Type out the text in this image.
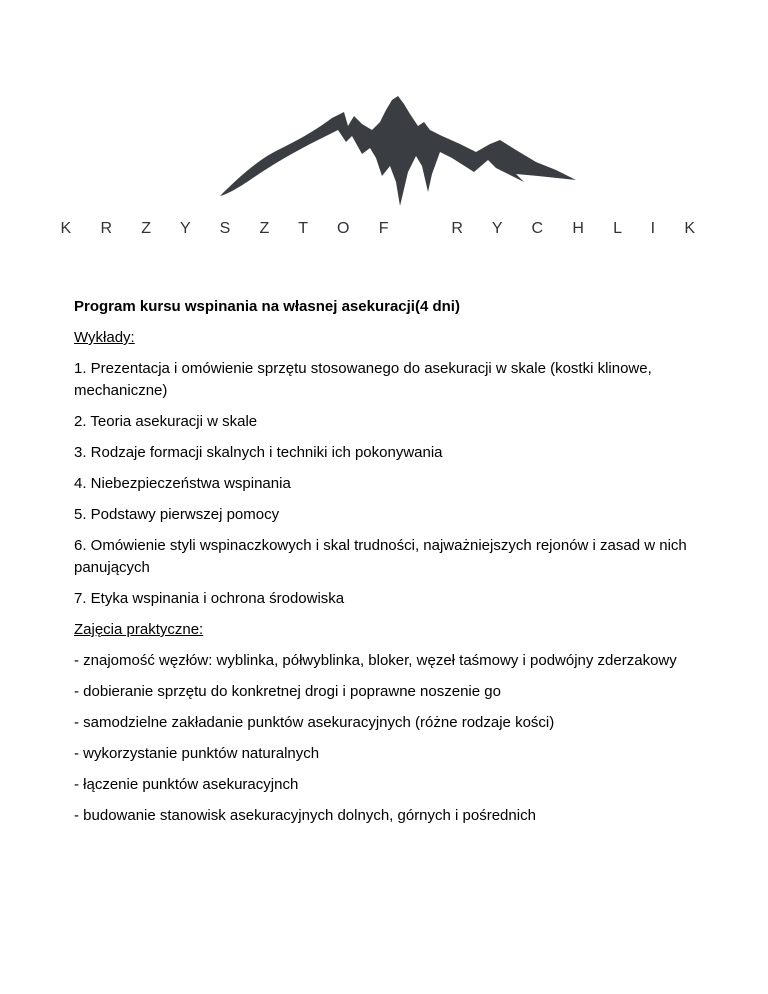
K R Z Y S Z T O F   R Y C H L I K

Program kursu wspinania na własnej asekuracji(4 dni)

Wykłady:

1. Prezentacja i omówienie sprzętu stosowanego do asekuracji w skale (kostki klinowe, mechaniczne)

2. Teoria asekuracji w skale

3. Rodzaje formacji skalnych i techniki ich pokonywania

4. Niebezpieczeństwa wspinania

5. Podstawy pierwszej pomocy

6. Omówienie styli wspinaczkowych i skal trudności, najważniejszych rejonów i zasad w nich panujących

7. Etyka wspinania i ochrona środowiska

Zajęcia praktyczne:

- znajomość węzłów: wyblinka, półwyblinka, bloker, węzeł taśmowy i podwójny zderzakowy

- dobieranie sprzętu do konkretnej drogi i poprawne noszenie go

- samodzielne zakładanie punktów asekuracyjnych (różne rodzaje kości)

- wykorzystanie punktów naturalnych

- łączenie punktów asekuracyjnch

- budowanie stanowisk asekuracyjnych dolnych, górnych i pośrednich
